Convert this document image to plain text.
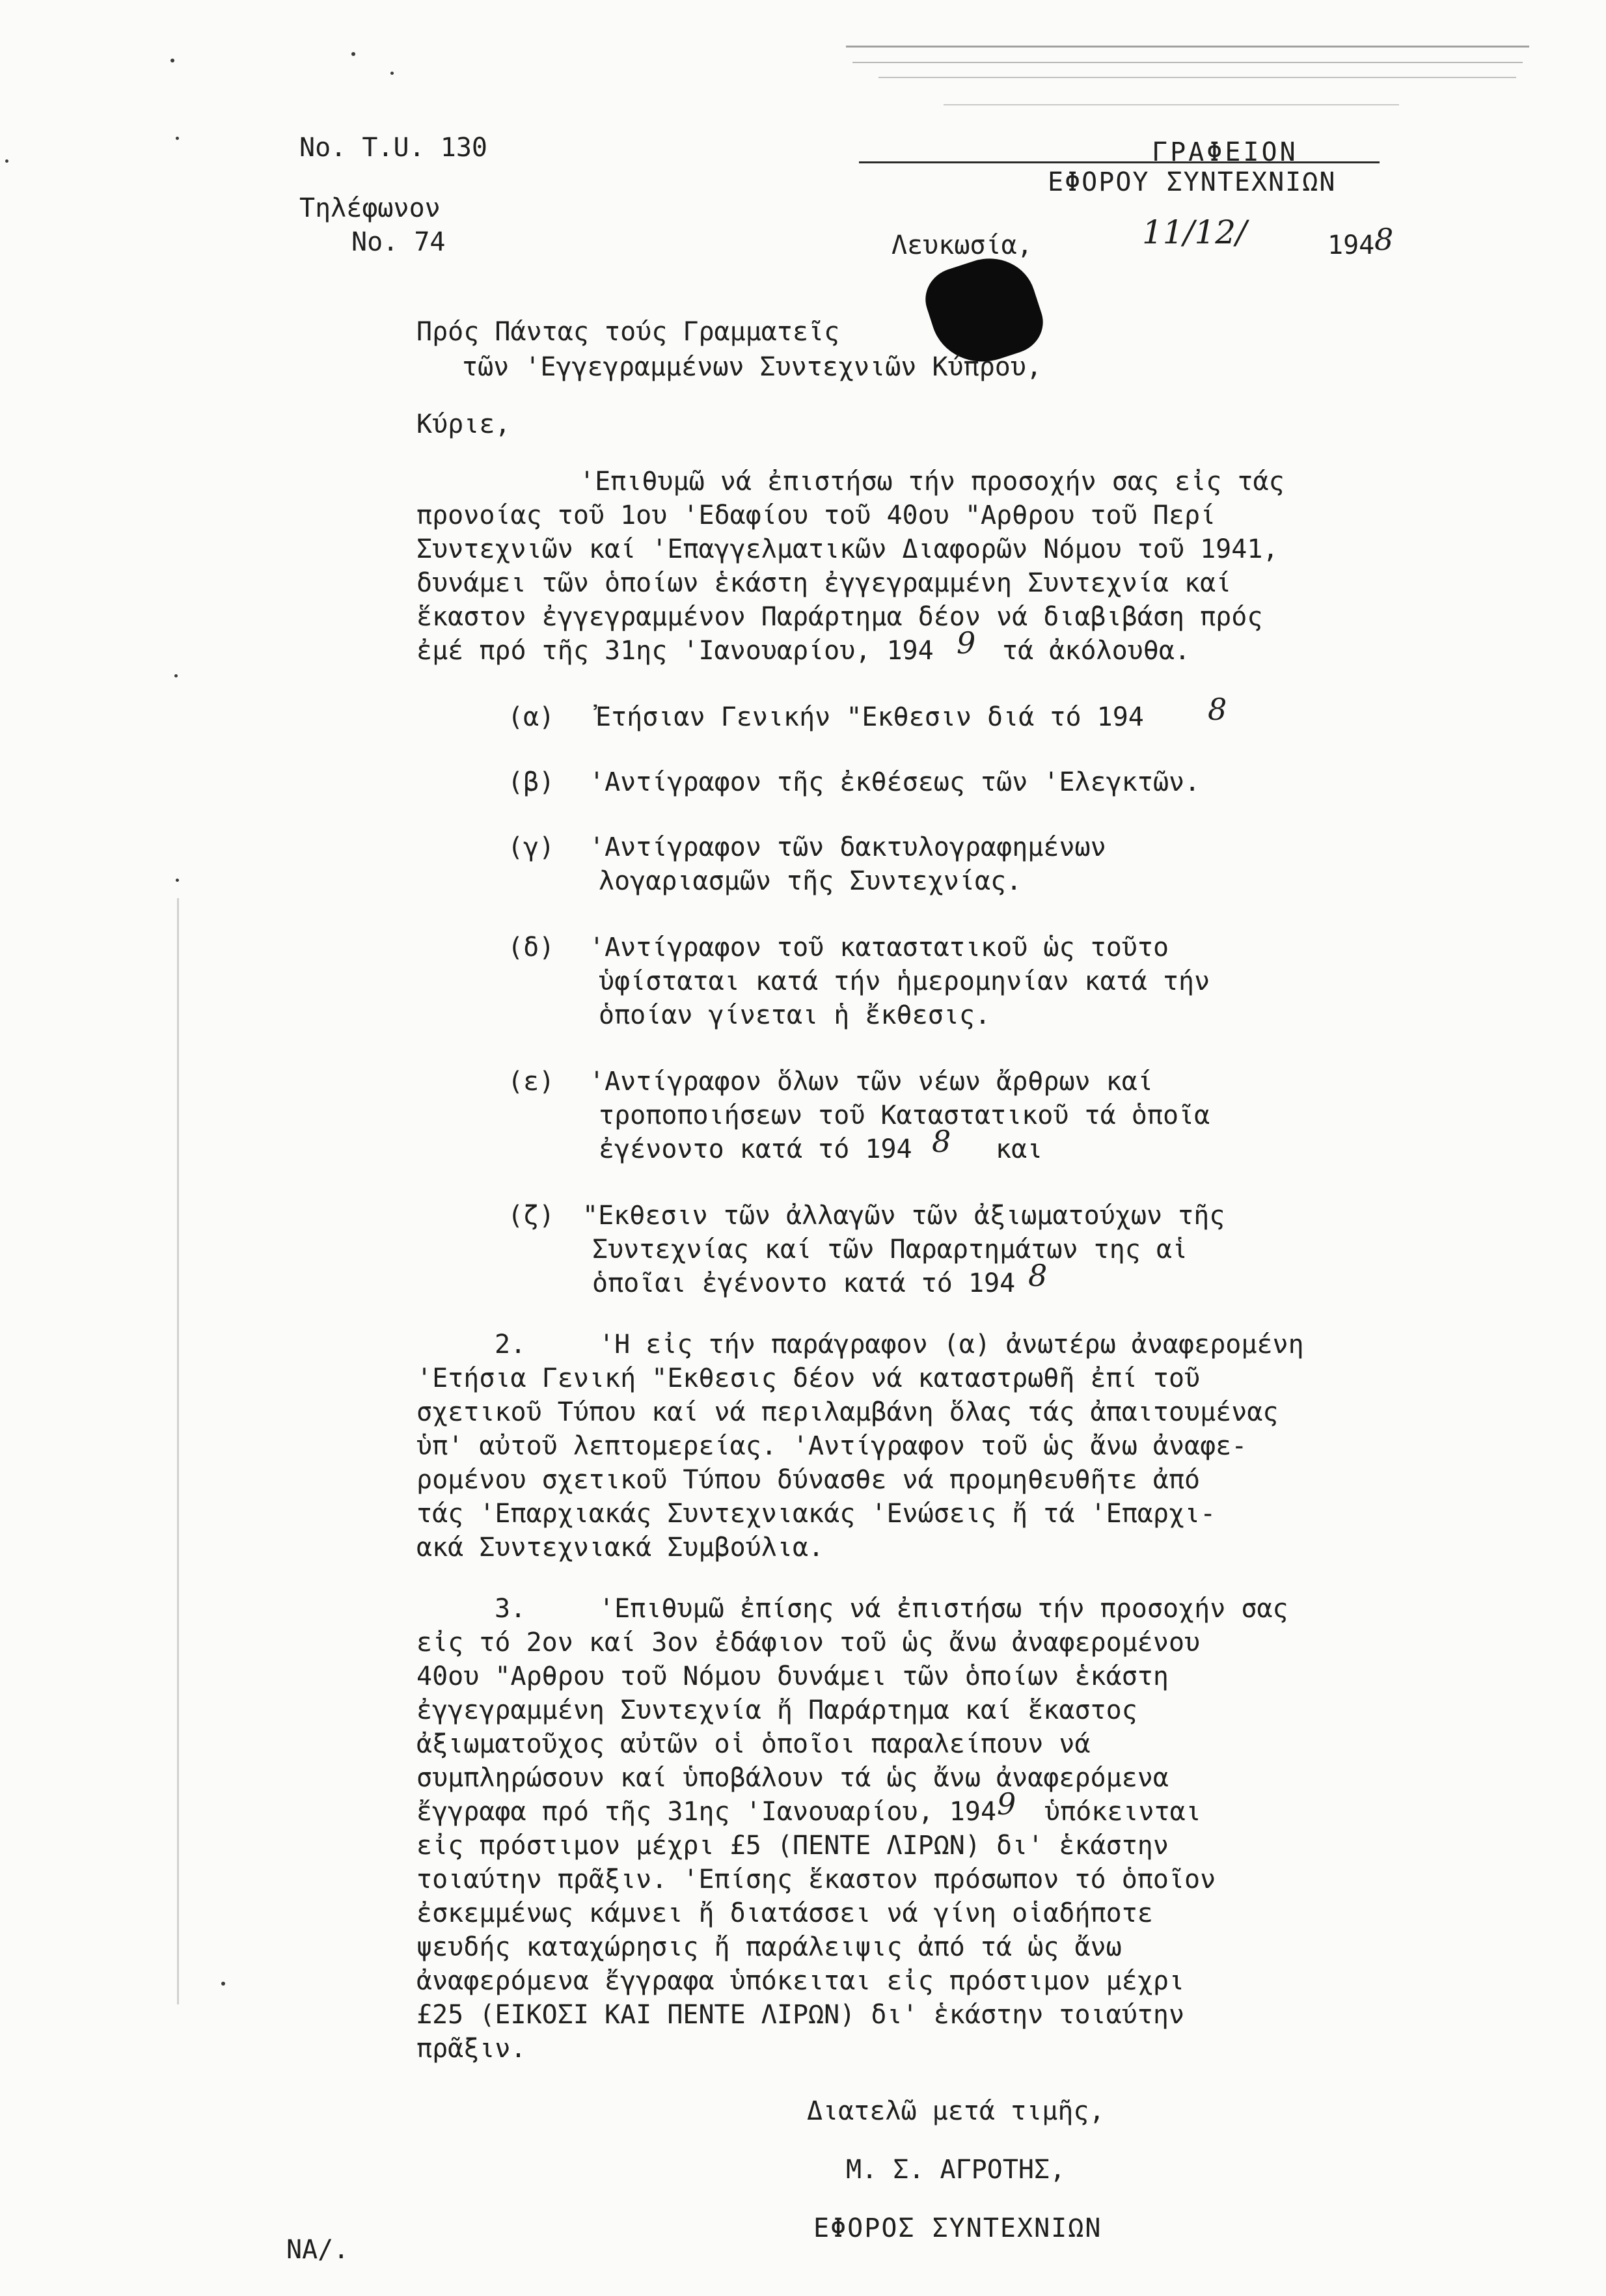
No. T.U. 130
Τηλέφωνον
No. 74
ΓΡΑΦΕΙΟΝ
ΕΦΟΡΟΥ ΣΥΝΤΕΧΝΙΩΝ
Λευκωσία,	11/12/	194 8
Πρός Πάντας τούς Γραμματεῖς
τῶν 'Εγγεγραμμένων Συντεχνιῶν Κύπρου,
Κύριε,
'Επιθυμῶ νά ἐπιστήσω τήν προσοχήν σας εἰς τάς
προνοίας τοῦ 1ου 'Εδαφίου τοῦ 40ου "Αρθρου τοῦ Περί
Συντεχνιῶν καί 'Επαγγελματικῶν Διαφορῶν Νόμου τοῦ 1941,
δυνάμει τῶν ὁποίων ἑκάστη ἐγγεγραμμένη Συντεχνία καί
ἕκαστον ἐγγεγραμμένον Παράρτημα δέον νά διαβιβάση πρός
ἐμέ πρό τῆς 31ης 'Ιανουαρίου, 194 9 τά ἀκόλουθα.
(α) Ἐτήσιαν Γενικήν "Εκθεσιν διά τό 194 8
(β) 'Αντίγραφον τῆς ἐκθέσεως τῶν 'Ελεγκτῶν.
(γ) 'Αντίγραφον τῶν δακτυλογραφημένων
λογαριασμῶν τῆς Συντεχνίας.
(δ) 'Αντίγραφον τοῦ καταστατικοῦ ὡς τοῦτο
ὑφίσταται κατά τήν ἡμερομηνίαν κατά τήν
ὁποίαν γίνεται ἡ ἔκθεσις.
(ε) 'Αντίγραφον ὅλων τῶν νέων ἄρθρων καί
τροποποιήσεων τοῦ Καταστατικοῦ τά ὁποῖα
ἐγένοντο κατά τό 194 8 και
(ζ) "Εκθεσιν τῶν ἀλλαγῶν τῶν ἀξιωματούχων τῆς
Συντεχνίας καί τῶν Παραρτημάτων της αἱ
ὁποῖαι ἐγένοντο κατά τό 194 8
2.	'Η εἰς τήν παράγραφον (α) ἀνωτέρω ἀναφερομένη
'Ετήσια Γενική "Εκθεσις δέον νά καταστρωθῆ ἐπί τοῦ
σχετικοῦ Τύπου καί νά περιλαμβάνη ὅλας τάς ἀπαιτουμένας
ὑπ' αὐτοῦ λεπτομερείας. 'Αντίγραφον τοῦ ὡς ἄνω ἀναφε-
ρομένου σχετικοῦ Τύπου δύνασθε νά προμηθευθῆτε ἀπό
τάς 'Επαρχιακάς Συντεχνιακάς 'Ενώσεις ἤ τά 'Επαρχι-
ακά Συντεχνιακά Συμβούλια.
3.	'Επιθυμῶ ἐπίσης νά ἐπιστήσω τήν προσοχήν σας
εἰς τό 2ον καί 3ον ἐδάφιον τοῦ ὡς ἄνω ἀναφερομένου
40ου "Αρθρου τοῦ Νόμου δυνάμει τῶν ὁποίων ἑκάστη
ἐγγεγραμμένη Συντεχνία ἤ Παράρτημα καί ἕκαστος
ἀξιωματοῦχος αὐτῶν οἱ ὁποῖοι παραλείπουν νά
συμπληρώσουν καί ὑποβάλουν τά ὡς ἄνω ἀναφερόμενα
ἔγγραφα πρό τῆς 31ης 'Ιανουαρίου, 194 9 ὑπόκεινται
εἰς πρόστιμον μέχρι £5 (ΠΕΝΤΕ ΛΙΡΩΝ) δι' ἑκάστην
τοιαύτην πρᾶξιν. 'Επίσης ἕκαστον πρόσωπον τό ὁποῖον
ἐσκεμμένως κάμνει ἤ διατάσσει νά γίνη οἱαδήποτε
ψευδής καταχώρησις ἤ παράλειψις ἀπό τά ὡς ἄνω
ἀναφερόμενα ἔγγραφα ὑπόκειται εἰς πρόστιμον μέχρι
£25 (ΕΙΚΟΣΙ ΚΑΙ ΠΕΝΤΕ ΛΙΡΩΝ) δι' ἑκάστην τοιαύτην
πρᾶξιν.
Διατελῶ μετά τιμῆς,
Μ. Σ. ΑΓΡΟΤΗΣ,
ΕΦΟΡΟΣ ΣΥΝΤΕΧΝΙΩΝ
NA/.
